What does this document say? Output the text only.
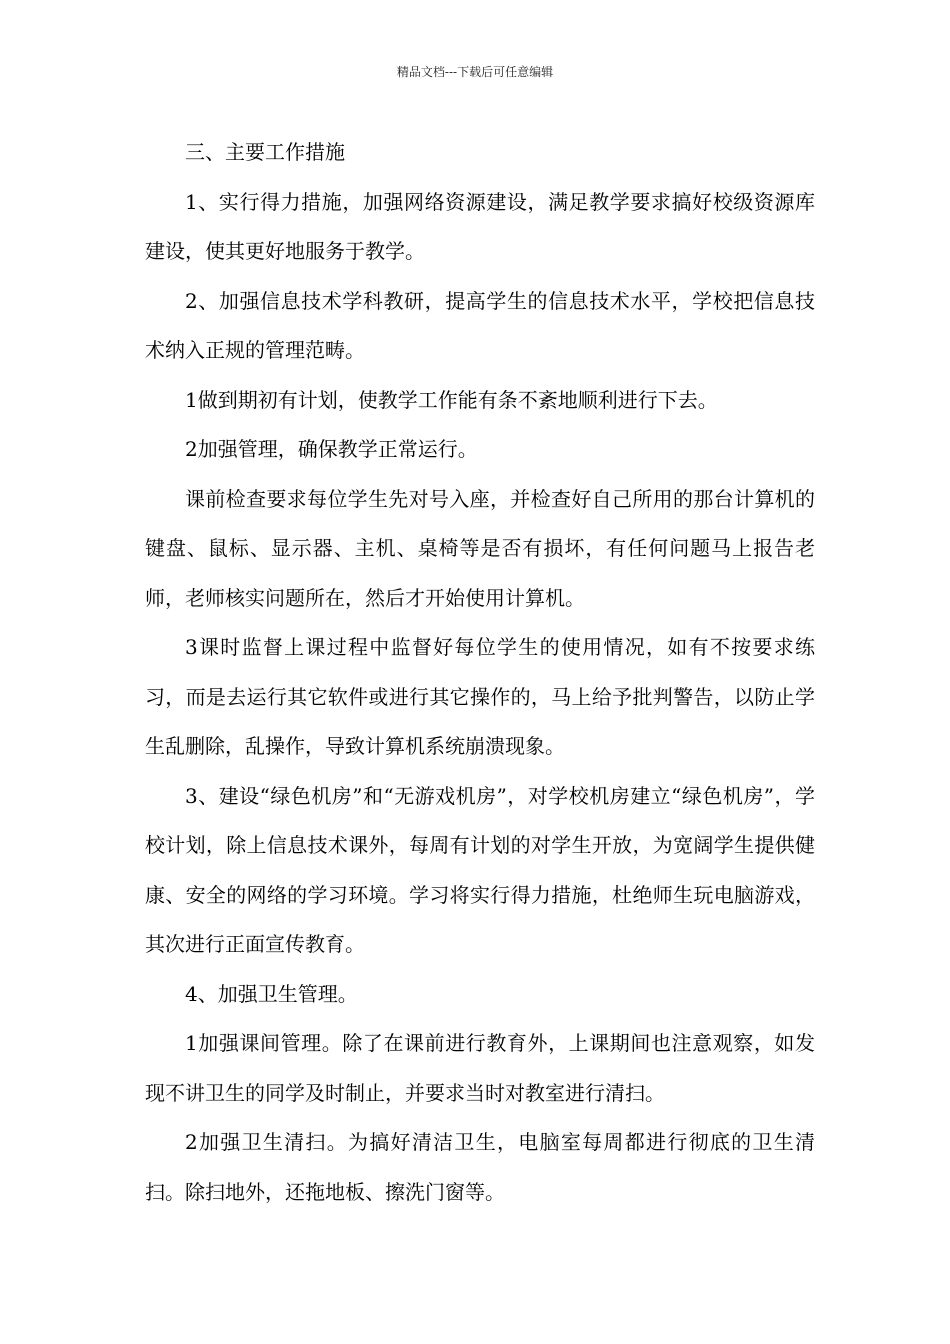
精品文档---下载后可任意编辑

三、主要工作措施

1、实行得力措施，加强网络资源建设，满足教学要求搞好校级资源库建设，使其更好地服务于教学。

2、加强信息技术学科教研，提高学生的信息技术水平，学校把信息技术纳入正规的管理范畴。

1做到期初有计划，使教学工作能有条不紊地顺利进行下去。

2加强管理，确保教学正常运行。

课前检查要求每位学生先对号入座，并检查好自己所用的那台计算机的键盘、鼠标、显示器、主机、桌椅等是否有损坏，有任何问题马上报告老师，老师核实问题所在，然后才开始使用计算机。

3课时监督上课过程中监督好每位学生的使用情况，如有不按要求练习，而是去运行其它软件或进行其它操作的，马上给予批判警告，以防止学生乱删除，乱操作，导致计算机系统崩溃现象。

3、建设“绿色机房”和“无游戏机房”，对学校机房建立“绿色机房”，学校计划，除上信息技术课外，每周有计划的对学生开放，为宽阔学生提供健康、安全的网络的学习环境。学习将实行得力措施，杜绝师生玩电脑游戏，其次进行正面宣传教育。

4、加强卫生管理。

1加强课间管理。除了在课前进行教育外，上课期间也注意观察，如发现不讲卫生的同学及时制止，并要求当时对教室进行清扫。

2加强卫生清扫。为搞好清洁卫生，电脑室每周都进行彻底的卫生清扫。除扫地外，还拖地板、擦洗门窗等。
